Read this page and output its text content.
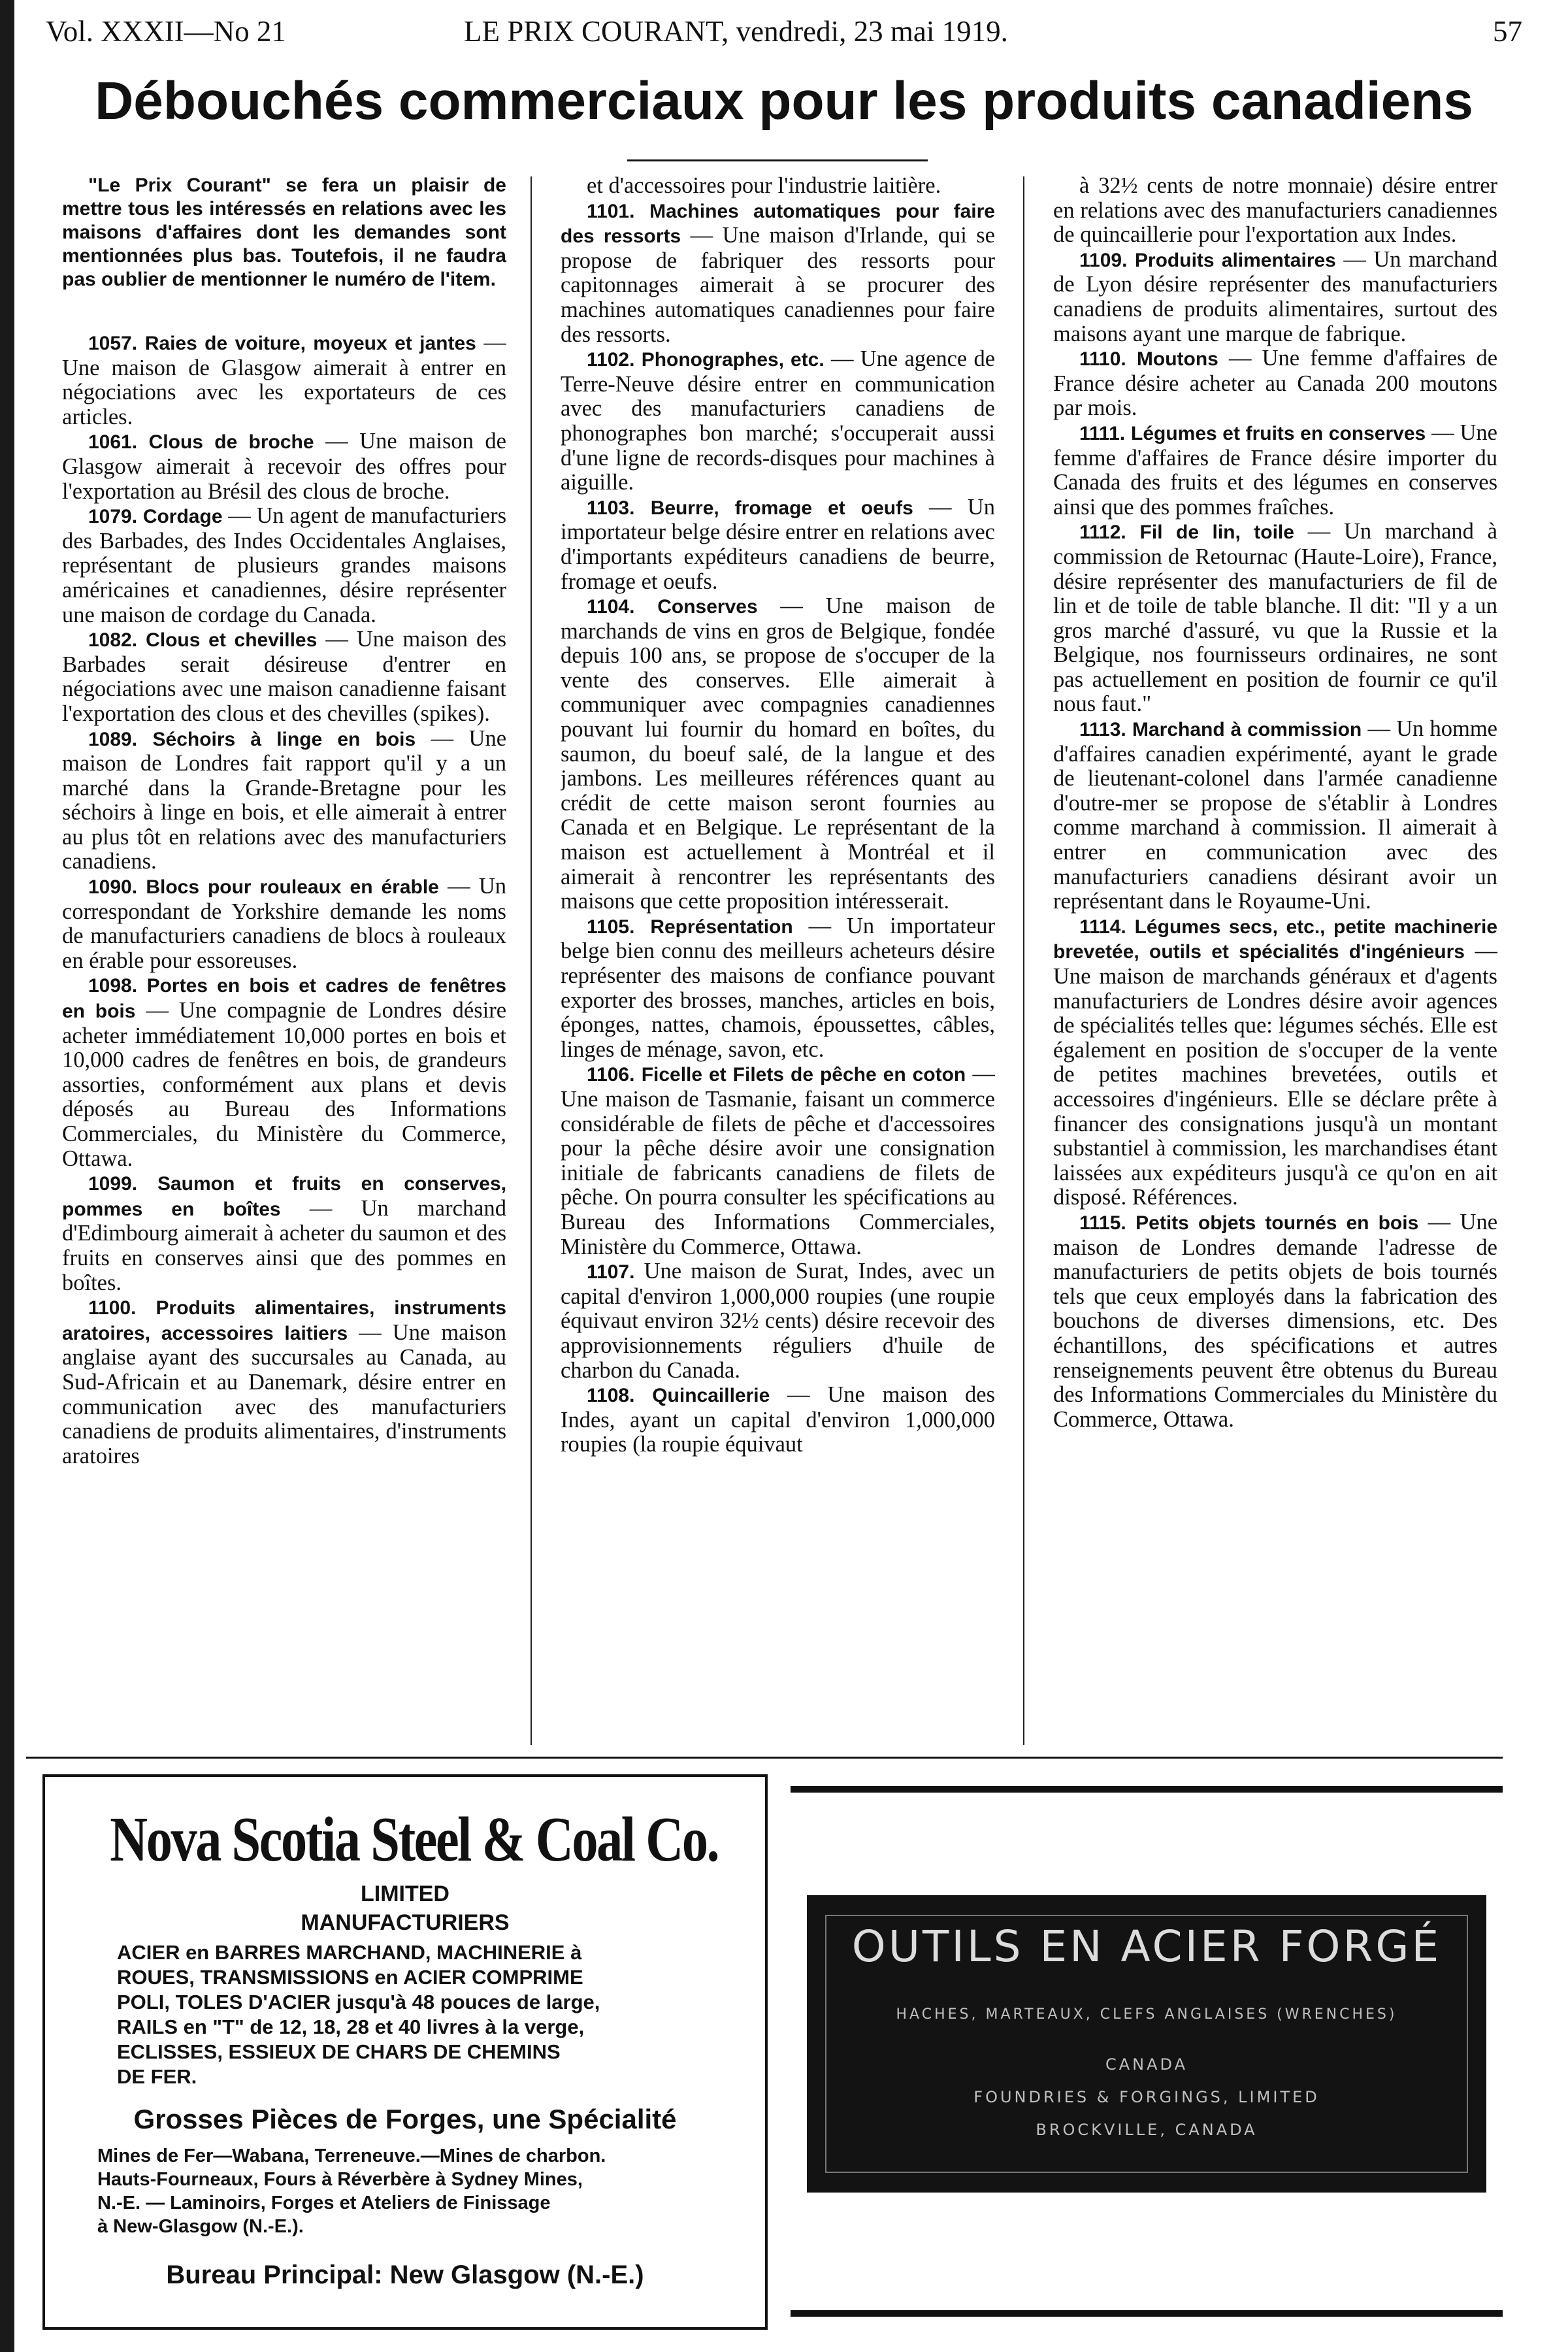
Vol. XXXII—No 21	LE PRIX COURANT, vendredi, 23 mai 1919.	57
Débouchés commerciaux pour les produits canadiens

"Le Prix Courant" se fera un plaisir de mettre tous les intéressés en relations avec les maisons d'affaires dont les demandes sont mentionnées plus bas. Toutefois, il ne faudra pas oublier de mentionner le numéro de l'item.

1057. Raies de voiture, moyeux et jantes — Une maison de Glasgow aimerait à entrer en négociations avec les exportateurs de ces articles.

1061. Clous de broche — Une maison de Glasgow aimerait à recevoir des offres pour l'exportation au Brésil des clous de broche.

1079. Cordage — Un agent de manufacturiers des Barbades, des Indes Occidentales Anglaises, représentant de plusieurs grandes maisons américaines et canadiennes, désire représenter une maison de cordage du Canada.

1082. Clous et chevilles — Une maison des Barbades serait désireuse d'entrer en négociations avec une maison canadienne faisant l'exportation des clous et des chevilles (spikes).

1089. Séchoirs à linge en bois — Une maison de Londres fait rapport qu'il y a un marché dans la Grande-Bretagne pour les séchoirs à linge en bois, et elle aimerait à entrer au plus tôt en relations avec des manufacturiers canadiens.

1090. Blocs pour rouleaux en érable — Un correspondant de Yorkshire demande les noms de manufacturiers canadiens de blocs à rouleaux en érable pour essoreuses.

1098. Portes en bois et cadres de fenêtres en bois — Une compagnie de Londres désire acheter immédiatement 10,000 portes en bois et 10,000 cadres de fenêtres en bois, de grandeurs assorties, conformément aux plans et devis déposés au Bureau des Informations Commerciales, du Ministère du Commerce, Ottawa.

1099. Saumon et fruits en conserves, pommes en boîtes — Un marchand d'Edimbourg aimerait à acheter du saumon et des fruits en conserves ainsi que des pommes en boîtes.

1100. Produits alimentaires, instruments aratoires, accessoires laitiers — Une maison anglaise ayant des succursales au Canada, au Sud-Africain et au Danemark, désire entrer en communication avec des manufacturiers canadiens de produits alimentaires, d'instruments aratoires

et d'accessoires pour l'industrie laitière.

1101. Machines automatiques pour faire des ressorts — Une maison d'Irlande, qui se propose de fabriquer des ressorts pour capitonnages aimerait à se procurer des machines automatiques canadiennes pour faire des ressorts.

1102. Phonographes, etc. — Une agence de Terre-Neuve désire entrer en communication avec des manufacturiers canadiens de phonographes bon marché; s'occuperait aussi d'une ligne de records-disques pour machines à aiguille.

1103. Beurre, fromage et oeufs — Un importateur belge désire entrer en relations avec d'importants expéditeurs canadiens de beurre, fromage et oeufs.

1104. Conserves — Une maison de marchands de vins en gros de Belgique, fondée depuis 100 ans, se propose de s'occuper de la vente des conserves. Elle aimerait à communiquer avec compagnies canadiennes pouvant lui fournir du homard en boîtes, du saumon, du boeuf salé, de la langue et des jambons. Les meilleures références quant au crédit de cette maison seront fournies au Canada et en Belgique. Le représentant de la maison est actuellement à Montréal et il aimerait à rencontrer les représentants des maisons que cette proposition intéresserait.

1105. Représentation — Un importateur belge bien connu des meilleurs acheteurs désire représenter des maisons de confiance pouvant exporter des brosses, manches, articles en bois, éponges, nattes, chamois, époussettes, câbles, linges de ménage, savon, etc.

1106. Ficelle et Filets de pêche en coton — Une maison de Tasmanie, faisant un commerce considérable de filets de pêche et d'accessoires pour la pêche désire avoir une consignation initiale de fabricants canadiens de filets de pêche. On pourra consulter les spécifications au Bureau des Informations Commerciales, Ministère du Commerce, Ottawa.

1107. Une maison de Surat, Indes, avec un capital d'environ 1,000,000 roupies (une roupie équivaut environ 32½ cents) désire recevoir des approvisionnements réguliers d'huile de charbon du Canada.

1108. Quincaillerie — Une maison des Indes, ayant un capital d'environ 1,000,000 roupies (la roupie équivaut

à 32½ cents de notre monnaie) désire entrer en relations avec des manufacturiers canadiennes de quincaillerie pour l'exportation aux Indes.

1109. Produits alimentaires — Un marchand de Lyon désire représenter des manufacturiers canadiens de produits alimentaires, surtout des maisons ayant une marque de fabrique.

1110. Moutons — Une femme d'affaires de France désire acheter au Canada 200 moutons par mois.

1111. Légumes et fruits en conserves — Une femme d'affaires de France désire importer du Canada des fruits et des légumes en conserves ainsi que des pommes fraîches.

1112. Fil de lin, toile — Un marchand à commission de Retournac (Haute-Loire), France, désire représenter des manufacturiers de fil de lin et de toile de table blanche. Il dit: "Il y a un gros marché d'assuré, vu que la Russie et la Belgique, nos fournisseurs ordinaires, ne sont pas actuellement en position de fournir ce qu'il nous faut."

1113. Marchand à commission — Un homme d'affaires canadien expérimenté, ayant le grade de lieutenant-colonel dans l'armée canadienne d'outre-mer se propose de s'établir à Londres comme marchand à commission. Il aimerait à entrer en communication avec des manufacturiers canadiens désirant avoir un représentant dans le Royaume-Uni.

1114. Légumes secs, etc., petite machinerie brevetée, outils et spécialités d'ingénieurs — Une maison de marchands généraux et d'agents manufacturiers de Londres désire avoir agences de spécialités telles que: légumes séchés. Elle est également en position de s'occuper de la vente de petites machines brevetées, outils et accessoires d'ingénieurs. Elle se déclare prête à financer des consignations jusqu'à un montant substantiel à commission, les marchandises étant laissées aux expéditeurs jusqu'à ce qu'on en ait disposé. Références.

1115. Petits objets tournés en bois — Une maison de Londres demande l'adresse de manufacturiers de petits objets de bois tournés tels que ceux employés dans la fabrication des bouchons de diverses dimensions, etc. Des échantillons, des spécifications et autres renseignements peuvent être obtenus du Bureau des Informations Commerciales du Ministère du Commerce, Ottawa.

Nova Scotia Steel & Coal Co.
LIMITED
MANUFACTURIERS

ACIER en BARRES MARCHAND, MACHINERIE à

ROUES, TRANSMISSIONS en ACIER COMPRIME

POLI, TOLES D'ACIER jusqu'à 48 pouces de large,

RAILS en "T" de 12, 18, 28 et 40 livres à la verge,

ECLISSES, ESSIEUX DE CHARS DE CHEMINS

DE FER.

Grosses Pièces de Forges, une Spécialité

Mines de Fer—Wabana, Terreneuve.—Mines de charbon.

Hauts-Fourneaux, Fours à Réverbère à Sydney Mines,

N.-E. — Laminoirs, Forges et Ateliers de Finissage

à New-Glasgow (N.-E.).

Bureau Principal: New Glasgow (N.-E.)
OUTILS EN ACIER FORGÉ
HACHES, MARTEAUX, CLEFS ANGLAISES (WRENCHES)
CANADA
FOUNDRIES & FORGINGS, LIMITED
BROCKVILLE, CANADA
